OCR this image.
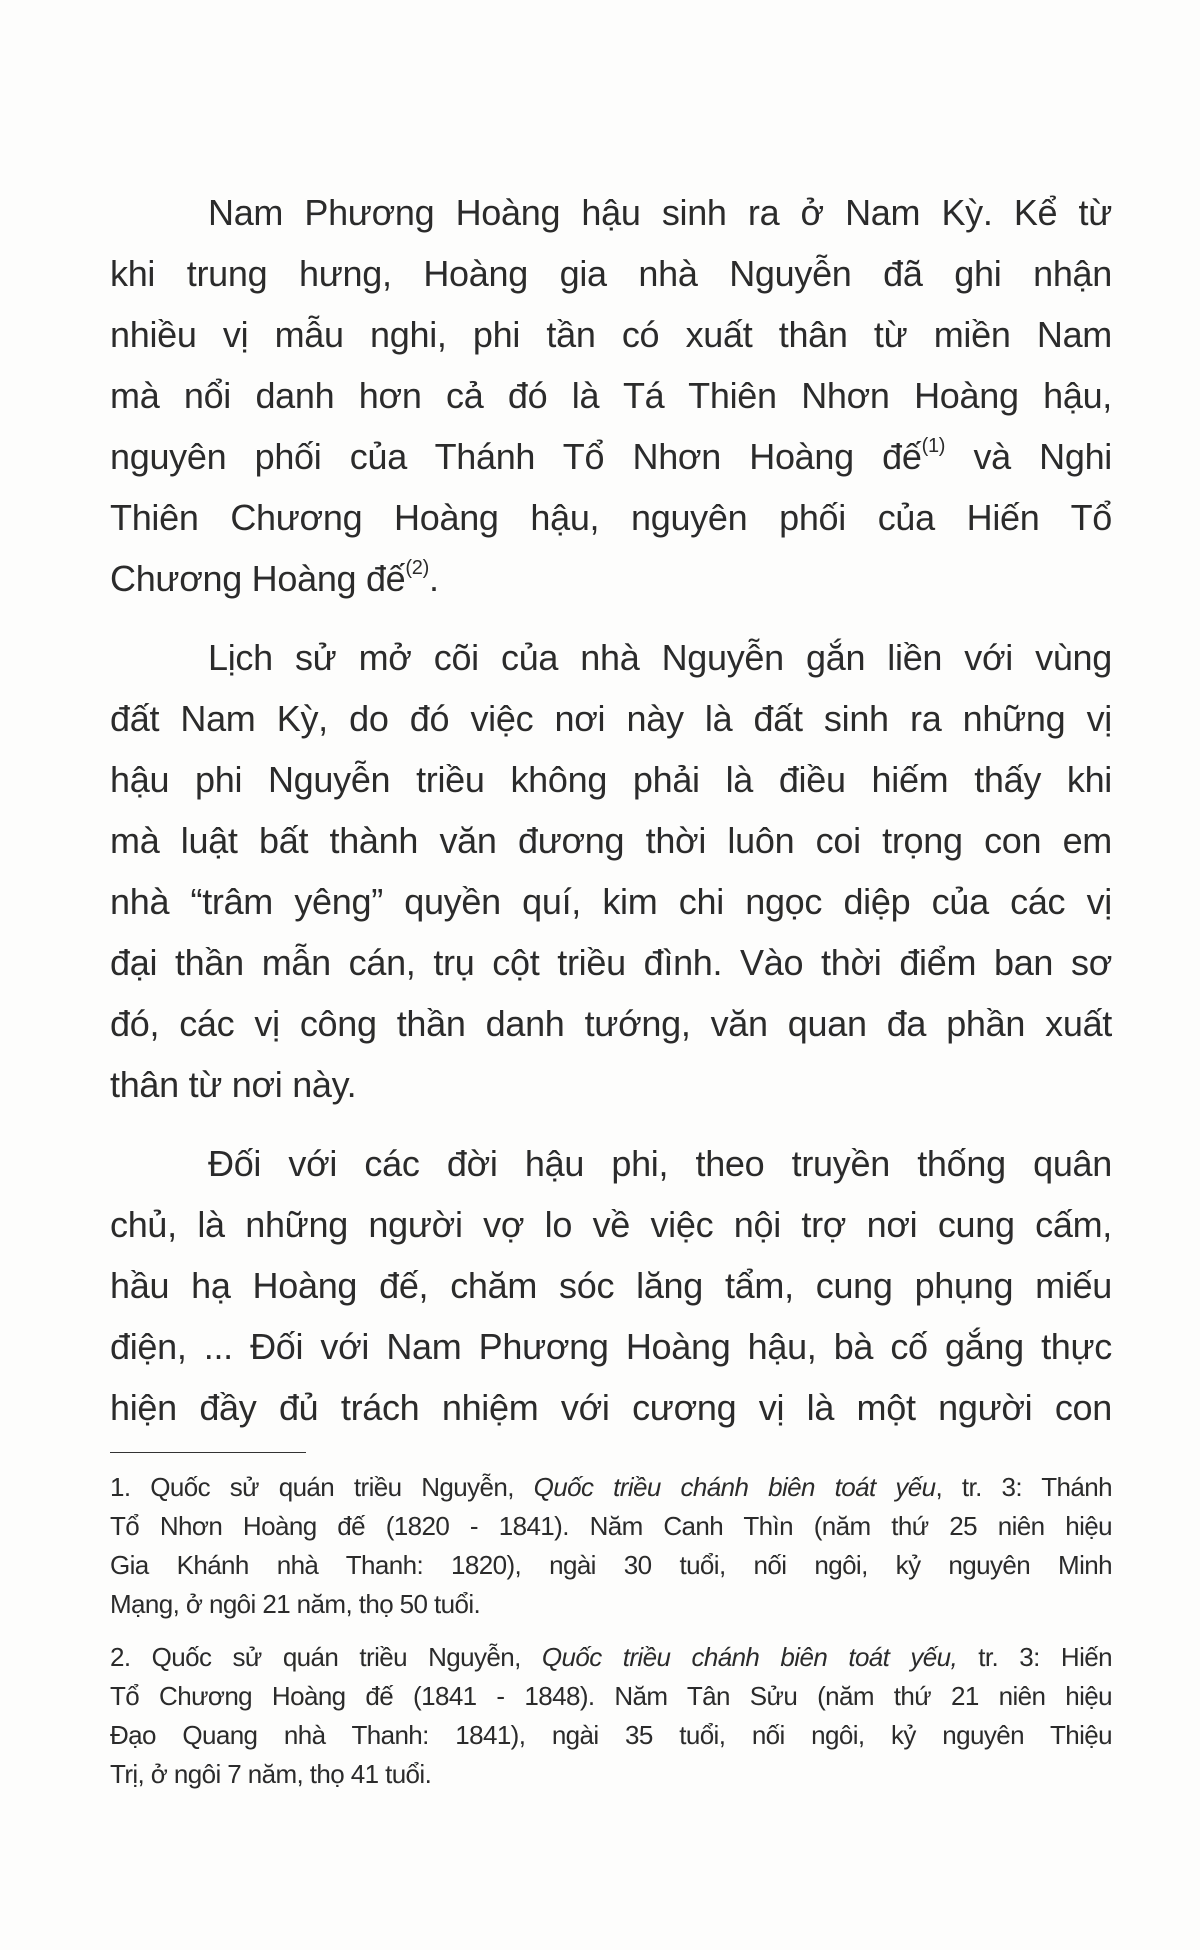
Nam Phương Hoàng hậu sinh ra ở Nam Kỳ. Kể từ
khi trung hưng, Hoàng gia nhà Nguyễn đã ghi nhận
nhiều vị mẫu nghi, phi tần có xuất thân từ miền Nam
mà nổi danh hơn cả đó là Tá Thiên Nhơn Hoàng hậu,
nguyên phối của Thánh Tổ Nhơn Hoàng đế$^{(1)}$ và Nghi
Thiên Chương Hoàng hậu, nguyên phối của Hiến Tổ
Chương Hoàng đế$^{(2)}$.
Lịch sử mở cõi của nhà Nguyễn gắn liền với vùng
đất Nam Kỳ, do đó việc nơi này là đất sinh ra những vị
hậu phi Nguyễn triều không phải là điều hiếm thấy khi
mà luật bất thành văn đương thời luôn coi trọng con em
nhà “trâm yêng” quyền quí, kim chi ngọc diệp của các vị
đại thần mẫn cán, trụ cột triều đình. Vào thời điểm ban sơ
đó, các vị công thần danh tướng, văn quan đa phần xuất
thân từ nơi này.
Đối với các đời hậu phi, theo truyền thống quân
chủ, là những người vợ lo về việc nội trợ nơi cung cấm,
hầu hạ Hoàng đế, chăm sóc lăng tẩm, cung phụng miếu
điện, ... Đối với Nam Phương Hoàng hậu, bà cố gắng thực
hiện đầy đủ trách nhiệm với cương vị là một người con
1. Quốc sử quán triều Nguyễn, Quốc triều chánh biên toát yếu, tr. 3: Thánh
Tổ Nhơn Hoàng đế (1820 - 1841). Năm Canh Thìn (năm thứ 25 niên hiệu
Gia Khánh nhà Thanh: 1820), ngài 30 tuổi, nối ngôi, kỷ nguyên Minh
Mạng, ở ngôi 21 năm, thọ 50 tuổi.
2. Quốc sử quán triều Nguyễn, Quốc triều chánh biên toát yếu, tr. 3: Hiến
Tổ Chương Hoàng đế (1841 - 1848). Năm Tân Sửu (năm thứ 21 niên hiệu
Đạo Quang nhà Thanh: 1841), ngài 35 tuổi, nối ngôi, kỷ nguyên Thiệu
Trị, ở ngôi 7 năm, thọ 41 tuổi.
